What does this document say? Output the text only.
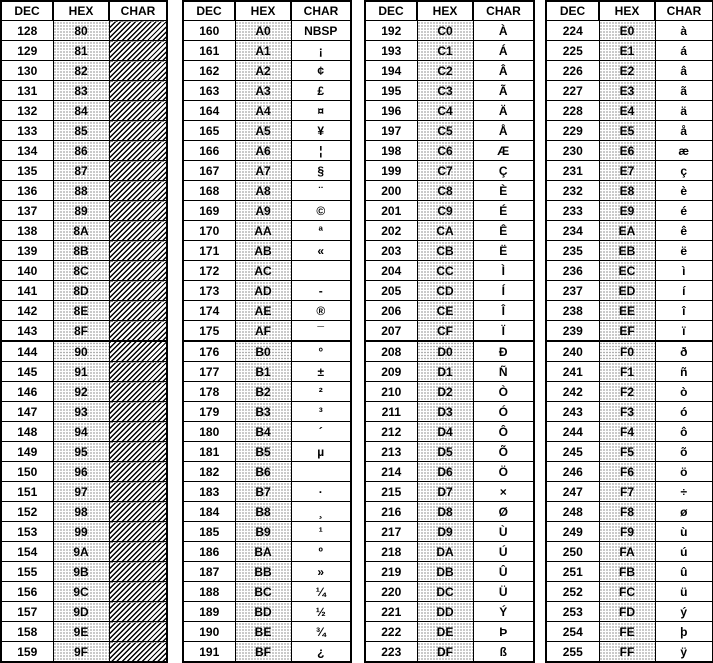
DEC	HEX	CHAR
128	80	
129	81	
130	82	
131	83	
132	84	
133	85	
134	86	
135	87	
136	88	
137	89	
138	8A	
139	8B	
140	8C	
141	8D	
142	8E	
143	8F	
144	90	
145	91	
146	92	
147	93	
148	94	
149	95	
150	96	
151	97	
152	98	
153	99	
154	9A	
155	9B	
156	9C	
157	9D	
158	9E	
159	9F	
DEC	HEX	CHAR
160	A0	NBSP
161	A1	¡
162	A2	¢
163	A3	£
164	A4	¤
165	A5	¥
166	A6	¦
167	A7	§
168	A8	¨
169	A9	©
170	AA	ª
171	AB	«
172	AC	
173	AD	-
174	AE	®
175	AF	¯
176	B0	°
177	B1	±
178	B2	²
179	B3	³
180	B4	´
181	B5	µ
182	B6	
183	B7	·
184	B8	¸
185	B9	¹
186	BA	º
187	BB	»
188	BC	¼
189	BD	½
190	BE	¾
191	BF	¿
DEC	HEX	CHAR
192	C0	À
193	C1	Á
194	C2	Â
195	C3	Ã
196	C4	Ä
197	C5	Å
198	C6	Æ
199	C7	Ç
200	C8	È
201	C9	É
202	CA	Ê
203	CB	Ë
204	CC	Ì
205	CD	Í
206	CE	Î
207	CF	Ï
208	D0	Ð
209	D1	Ñ
210	D2	Ò
211	D3	Ó
212	D4	Ô
213	D5	Õ
214	D6	Ö
215	D7	×
216	D8	Ø
217	D9	Ù
218	DA	Ú
219	DB	Û
220	DC	Ü
221	DD	Ý
222	DE	Þ
223	DF	ß
DEC	HEX	CHAR
224	E0	à
225	E1	á
226	E2	â
227	E3	ã
228	E4	ä
229	E5	å
230	E6	æ
231	E7	ç
232	E8	è
233	E9	é
234	EA	ê
235	EB	ë
236	EC	ì
237	ED	í
238	EE	î
239	EF	ï
240	F0	ð
241	F1	ñ
242	F2	ò
243	F3	ó
244	F4	ô
245	F5	õ
246	F6	ö
247	F7	÷
248	F8	ø
249	F9	ù
250	FA	ú
251	FB	û
252	FC	ü
253	FD	ý
254	FE	þ
255	FF	ÿ
